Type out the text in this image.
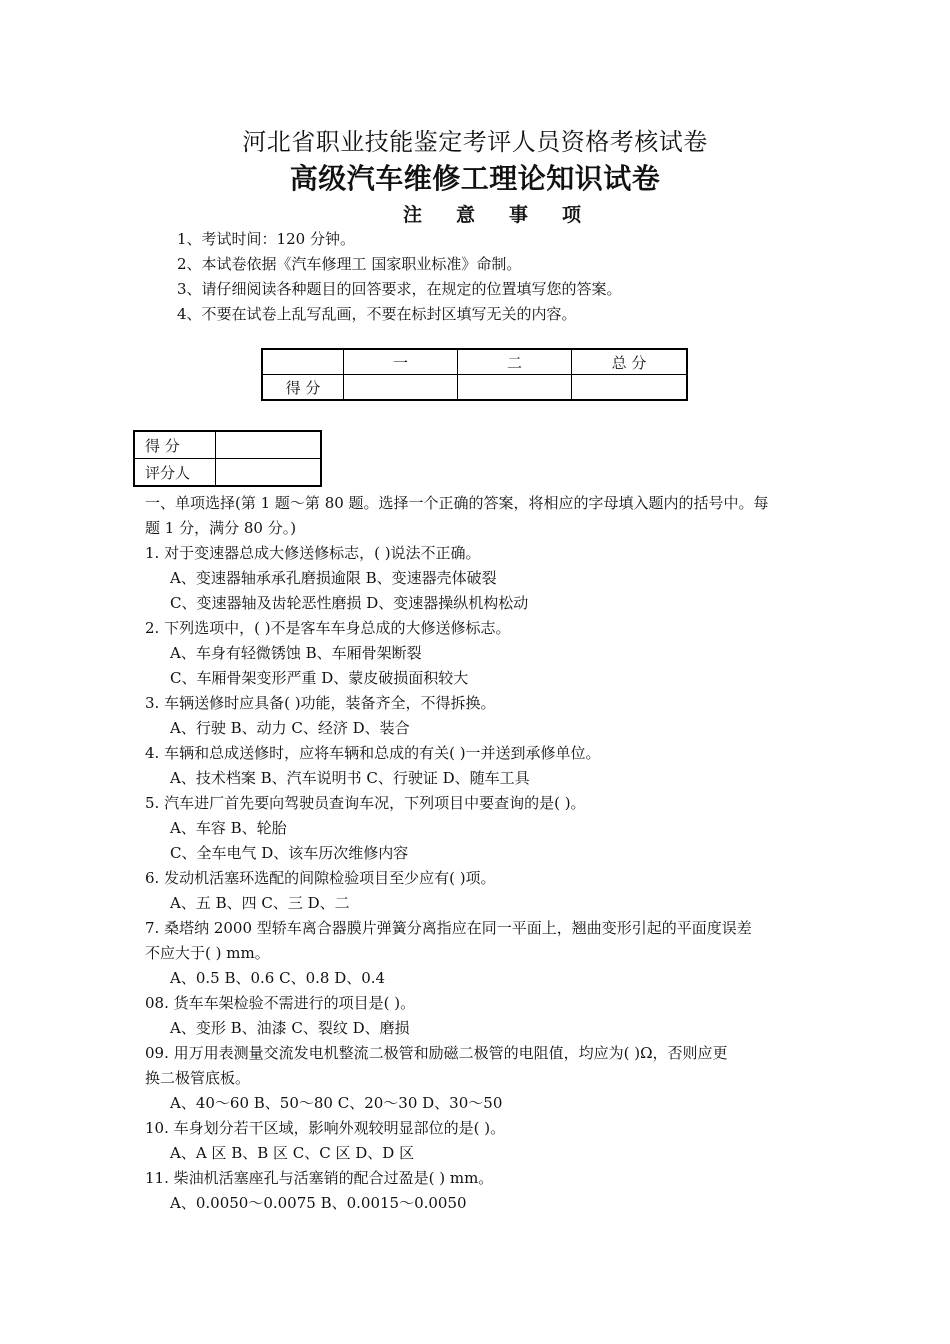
河北省职业技能鉴定考评人员资格考核试卷
高级汽车维修工理论知识试卷
注意事项
1、考试时间：120 分钟。
2、本试卷依据《汽车修理工 国家职业标准》命制。
3、请仔细阅读各种题目的回答要求，在规定的位置填写您的答案。
4、不要在试卷上乱写乱画，不要在标封区填写无关的内容。
	一	二	总 分
得 分			
得 分	
评分人	
一、单项选择(第 1 题～第 80 题。选择一个正确的答案，将相应的字母填入题内的括号中。每
题 1 分，满分 80 分。)
1. 对于变速器总成大修送修标志，( )说法不正确。
A、变速器轴承承孔磨损逾限 B、变速器壳体破裂
C、变速器轴及齿轮恶性磨损 D、变速器操纵机构松动
2. 下列选项中，( )不是客车车身总成的大修送修标志。
A、车身有轻微锈蚀 B、车厢骨架断裂
C、车厢骨架变形严重 D、蒙皮破损面积较大
3. 车辆送修时应具备( )功能，装备齐全，不得拆换。
A、行驶 B、动力 C、经济 D、装合
4. 车辆和总成送修时，应将车辆和总成的有关( )一并送到承修单位。
A、技术档案 B、汽车说明书 C、行驶证 D、随车工具
5. 汽车进厂首先要向驾驶员查询车况，下列项目中要查询的是( )。
A、车容 B、轮胎
C、全车电气 D、该车历次维修内容
6. 发动机活塞环选配的间隙检验项目至少应有( )项。
A、五 B、四 C、三 D、二
7. 桑塔纳 2000 型轿车离合器膜片弹簧分离指应在同一平面上，翘曲变形引起的平面度误差
不应大于( ) mm。
A、0.5 B、0.6 C、0.8 D、0.4
08. 货车车架检验不需进行的项目是( )。
A、变形 B、油漆 C、裂纹 D、磨损
09. 用万用表测量交流发电机整流二极管和励磁二极管的电阻值，均应为( )Ω，否则应更
换二极管底板。
A、40～60 B、50～80 C、20～30 D、30～50
10. 车身划分若干区域，影响外观较明显部位的是( )。
A、A 区 B、B 区 C、C 区 D、D 区
11. 柴油机活塞座孔与活塞销的配合过盈是( ) mm。
A、0.0050～0.0075 B、0.0015～0.0050
